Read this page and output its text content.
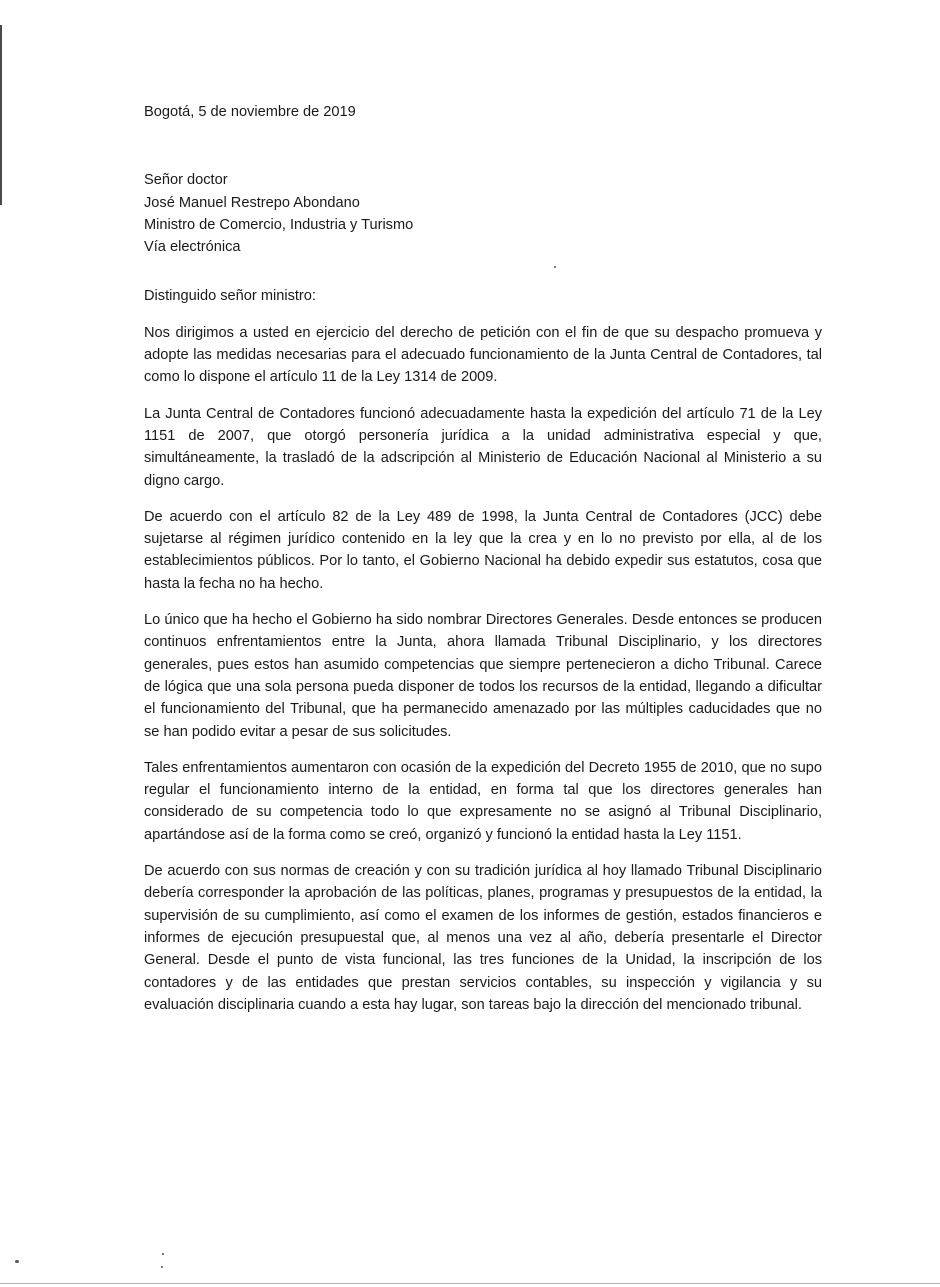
Bogotá, 5 de noviembre de 2019

Señor doctor
José Manuel Restrepo Abondano
Ministro de Comercio, Industria y Turismo
Vía electrónica

Distinguido señor ministro:

Nos dirigimos a usted en ejercicio del derecho de petición con el fin de que su despacho promueva y adopte las medidas necesarias para el adecuado funcionamiento de la Junta Central de Contadores, tal como lo dispone el artículo 11 de la Ley 1314 de 2009.

La Junta Central de Contadores funcionó adecuadamente hasta la expedición del artículo 71 de la Ley 1151 de 2007, que otorgó personería jurídica a la unidad administrativa especial y que, simultáneamente, la trasladó de la adscripción al Ministerio de Educación Nacional al Ministerio a su digno cargo.

De acuerdo con el artículo 82 de la Ley 489 de 1998, la Junta Central de Contadores (JCC) debe sujetarse al régimen jurídico contenido en la ley que la crea y en lo no previsto por ella, al de los establecimientos públicos. Por lo tanto, el Gobierno Nacional ha debido expedir sus estatutos, cosa que hasta la fecha no ha hecho.

Lo único que ha hecho el Gobierno ha sido nombrar Directores Generales. Desde entonces se producen continuos enfrentamientos entre la Junta, ahora llamada Tribunal Disciplinario, y los directores generales, pues estos han asumido competencias que siempre pertenecieron a dicho Tribunal. Carece de lógica que una sola persona pueda disponer de todos los recursos de la entidad, llegando a dificultar el funcionamiento del Tribunal, que ha permanecido amenazado por las múltiples caducidades que no se han podido evitar a pesar de sus solicitudes.

Tales enfrentamientos aumentaron con ocasión de la expedición del Decreto 1955 de 2010, que no supo regular el funcionamiento interno de la entidad, en forma tal que los directores generales han considerado de su competencia todo lo que expresamente no se asignó al Tribunal Disciplinario, apartándose así de la forma como se creó, organizó y funcionó la entidad hasta la Ley 1151.

De acuerdo con sus normas de creación y con su tradición jurídica al hoy llamado Tribunal Disciplinario debería corresponder la aprobación de las políticas, planes, programas y presupuestos de la entidad, la supervisión de su cumplimiento, así como el examen de los informes de gestión, estados financieros e informes de ejecución presupuestal que, al menos una vez al año, debería presentarle el Director General. Desde el punto de vista funcional, las tres funciones de la Unidad, la inscripción de los contadores y de las entidades que prestan servicios contables, su inspección y vigilancia y su evaluación disciplinaria cuando a esta hay lugar, son tareas bajo la dirección del mencionado tribunal.
